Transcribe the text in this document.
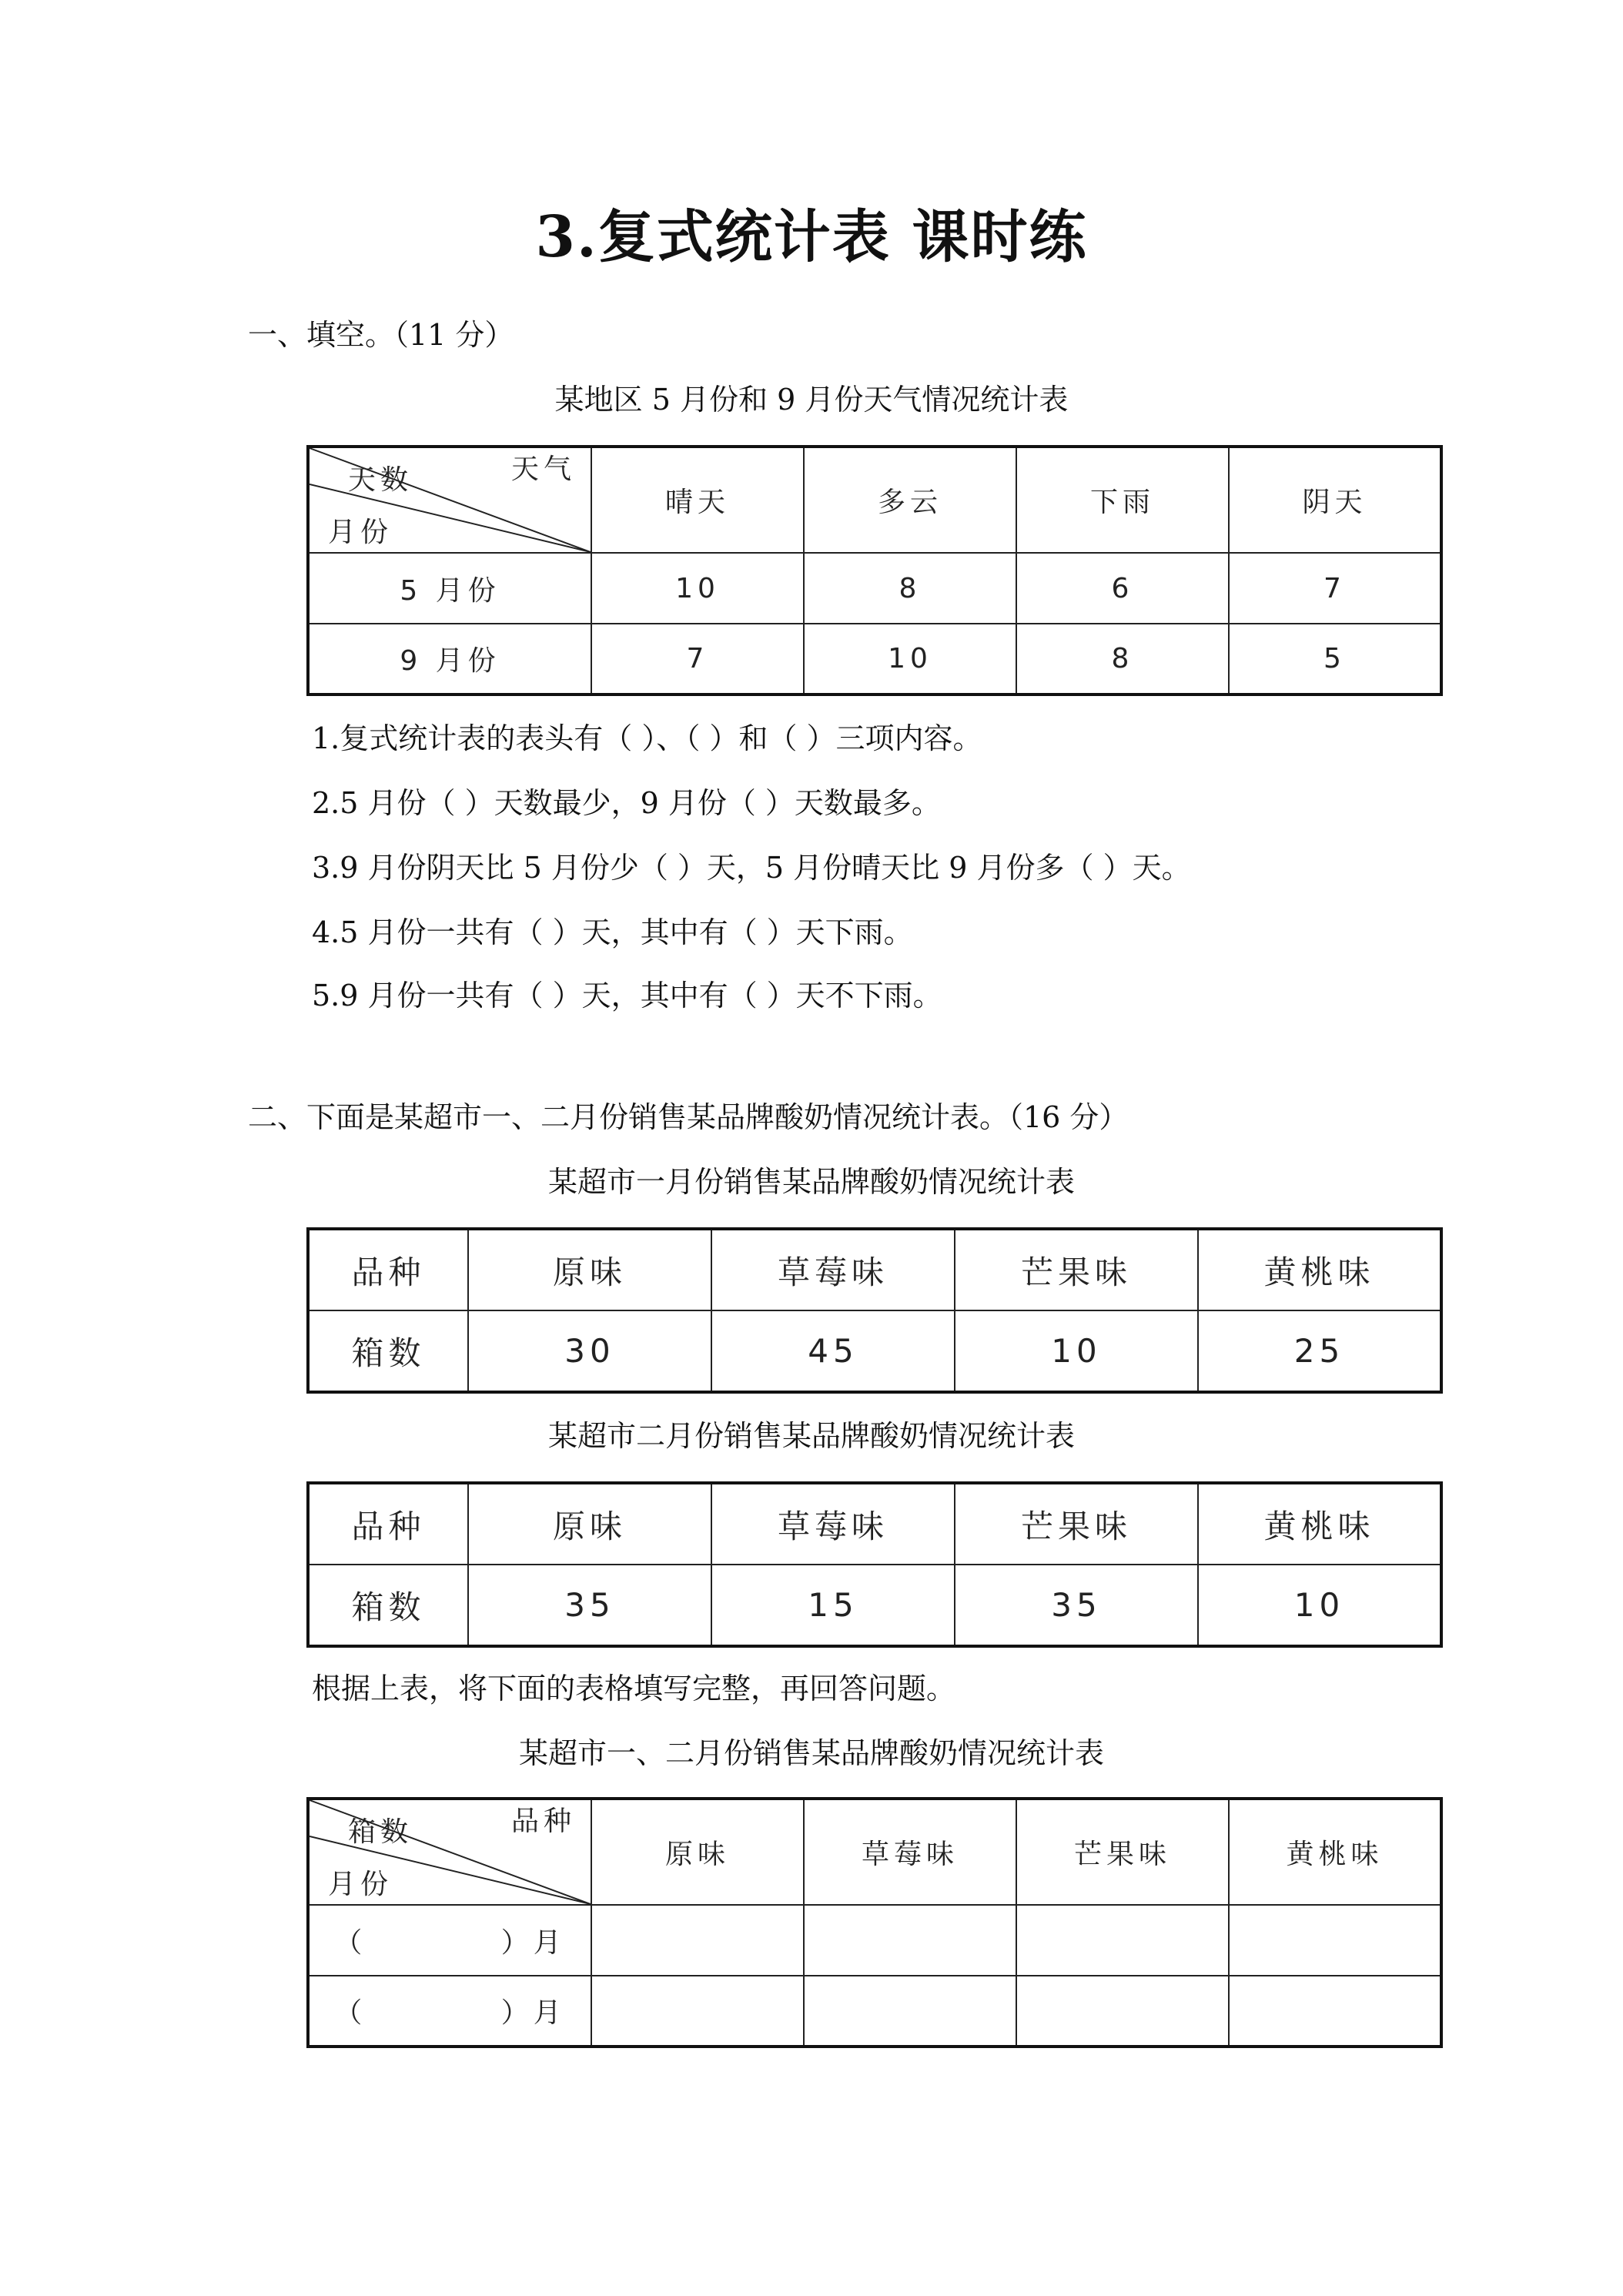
3.复式统计表 课时练
一、填空。（11 分）
某地区 5 月份和 9 月份天气情况统计表
天数 天气
月份	晴天	多云	下雨	阴天
5 月份	10	8	6	7
9 月份	7	10	8	5
1.复式统计表的表头有（ ）、（ ）和（ ）三项内容。
2.5 月份（ ）天数最少，9 月份（ ）天数最多。
3.9 月份阴天比 5 月份少（ ）天，5 月份晴天比 9 月份多（ ）天。
4.5 月份一共有（ ）天，其中有（ ）天下雨。
5.9 月份一共有（ ）天，其中有（ ）天不下雨。
二、下面是某超市一、二月份销售某品牌酸奶情况统计表。（16 分）
某超市一月份销售某品牌酸奶情况统计表
品种	原味	草莓味	芒果味	黄桃味
箱数	30	45	10	25
某超市二月份销售某品牌酸奶情况统计表
品种	原味	草莓味	芒果味	黄桃味
箱数	35	15	35	10
根据上表，将下面的表格填写完整，再回答问题。
某超市一、二月份销售某品牌酸奶情况统计表
箱数 品种
月份	原味	草莓味	芒果味	黄桃味
（          ）月				
（          ）月				
